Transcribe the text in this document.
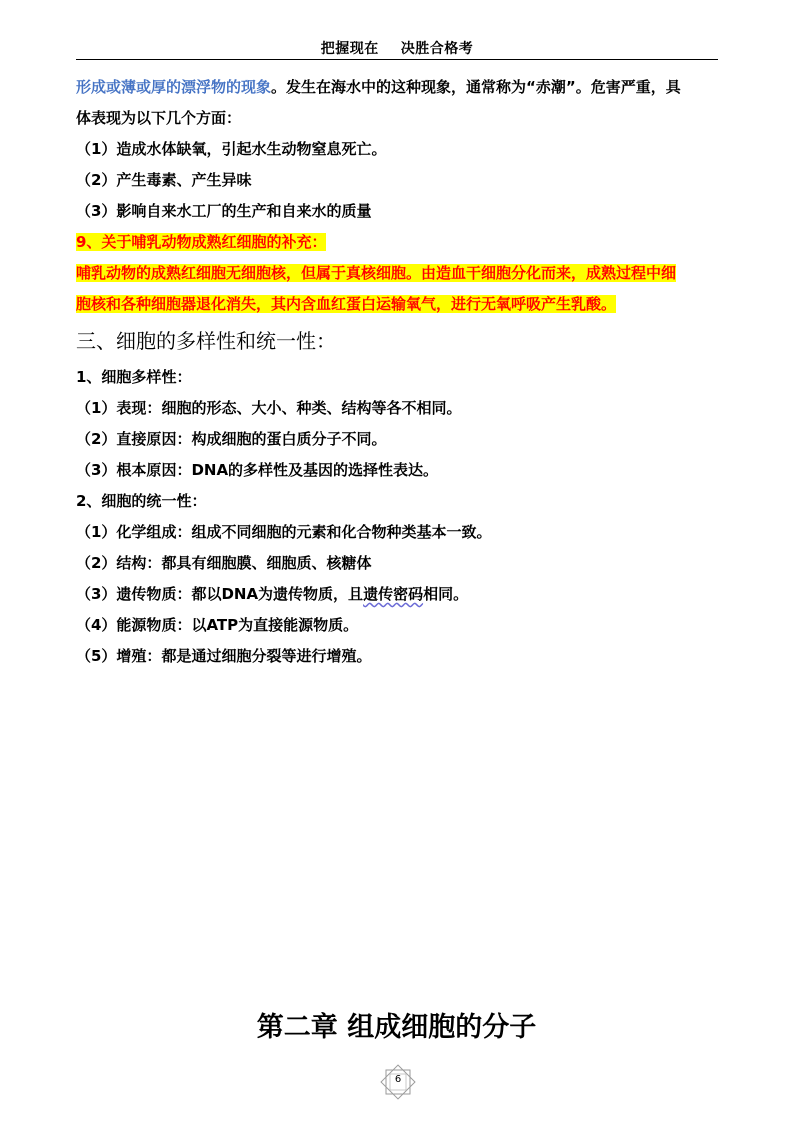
把握现在 决胜合格考
形成或薄或厚的漂浮物的现象。发生在海水中的这种现象，通常称为“赤潮”。危害严重，具
体表现为以下几个方面：
（1）造成水体缺氧，引起水生动物窒息死亡。
（2）产生毒素、产生异味
（3）影响自来水工厂的生产和自来水的质量
9、关于哺乳动物成熟红细胞的补充：
哺乳动物的成熟红细胞无细胞核，但属于真核细胞。由造血干细胞分化而来，成熟过程中细
胞核和各种细胞器退化消失，其内含血红蛋白运输氧气，进行无氧呼吸产生乳酸。
三、细胞的多样性和统一性：
1、细胞多样性：
（1）表现：细胞的形态、大小、种类、结构等各不相同。
（2）直接原因：构成细胞的蛋白质分子不同。
（3）根本原因：DNA的多样性及基因的选择性表达。
2、细胞的统一性：
（1）化学组成：组成不同细胞的元素和化合物种类基本一致。
（2）结构：都具有细胞膜、细胞质、核糖体
（3）遗传物质：都以DNA为遗传物质，且遗传密码相同。
（4）能源物质：以ATP为直接能源物质。
（5）增殖：都是通过细胞分裂等进行增殖。
第二章 组成细胞的分子
6
